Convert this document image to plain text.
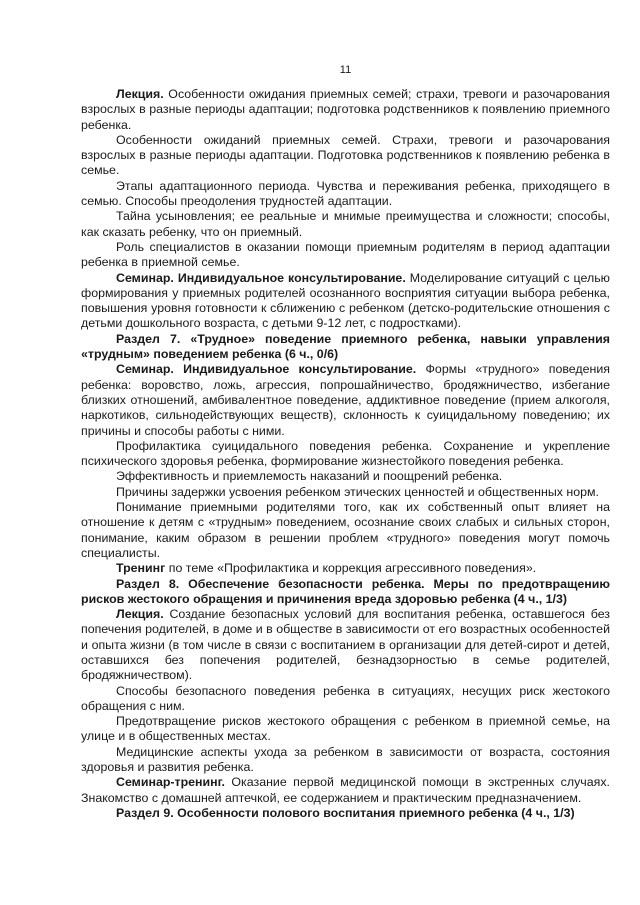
11

Лекция. Особенности ожидания приемных семей; страхи, тревоги и разочарования взрослых в разные периоды адаптации; подготовка родственников к появлению приемного ребенка.

Особенности ожиданий приемных семей. Страхи, тревоги и разочарования взрослых в разные периоды адаптации. Подготовка родственников к появлению ребенка в семье.

Этапы адаптационного периода. Чувства и переживания ребенка, приходящего в семью. Способы преодоления трудностей адаптации.

Тайна усыновления; ее реальные и мнимые преимущества и сложности; способы, как сказать ребенку, что он приемный.

Роль специалистов в оказании помощи приемным родителям в период адаптации ребенка в приемной семье.

Семинар. Индивидуальное консультирование. Моделирование ситуаций с целью формирования у приемных родителей осознанного восприятия ситуации выбора ребенка, повышения уровня готовности к сближению с ребенком (детско-родительские отношения с детьми дошкольного возраста, с детьми 9-12 лет, с подростками).

Раздел 7. «Трудное» поведение приемного ребенка, навыки управления «трудным» поведением ребенка (6 ч., 0/6)

Семинар. Индивидуальное консультирование. Формы «трудного» поведения ребенка: воровство, ложь, агрессия, попрошайничество, бродяжничество, избегание близких отношений, амбивалентное поведение, аддиктивное поведение (прием алкоголя, наркотиков, сильнодействующих веществ), склонность к суицидальному поведению; их причины и способы работы с ними.

Профилактика суицидального поведения ребенка. Сохранение и укрепление психического здоровья ребенка, формирование жизнестойкого поведения ребенка.

Эффективность и приемлемость наказаний и поощрений ребенка.

Причины задержки усвоения ребенком этических ценностей и общественных норм.

Понимание приемными родителями того, как их собственный опыт влияет на отношение к детям с «трудным» поведением, осознание своих слабых и сильных сторон, понимание, каким образом в решении проблем «трудного» поведения могут помочь специалисты.

Тренинг по теме «Профилактика и коррекция агрессивного поведения».

Раздел 8. Обеспечение безопасности ребенка. Меры по предотвращению рисков жестокого обращения и причинения вреда здоровью ребенка (4 ч., 1/3)

Лекция. Создание безопасных условий для воспитания ребенка, оставшегося без попечения родителей, в доме и в обществе в зависимости от его возрастных особенностей и опыта жизни (в том числе в связи с воспитанием в организации для детей-сирот и детей, оставшихся без попечения родителей, безнадзорностью в семье родителей, бродяжничеством).

Способы безопасного поведения ребенка в ситуациях, несущих риск жестокого обращения с ним.

Предотвращение рисков жестокого обращения с ребенком в приемной семье, на улице и в общественных местах.

Медицинские аспекты ухода за ребенком в зависимости от возраста, состояния здоровья и развития ребенка.

Семинар-тренинг. Оказание первой медицинской помощи в экстренных случаях. Знакомство с домашней аптечкой, ее содержанием и практическим предназначением.

Раздел 9. Особенности полового воспитания приемного ребенка (4 ч., 1/3)
